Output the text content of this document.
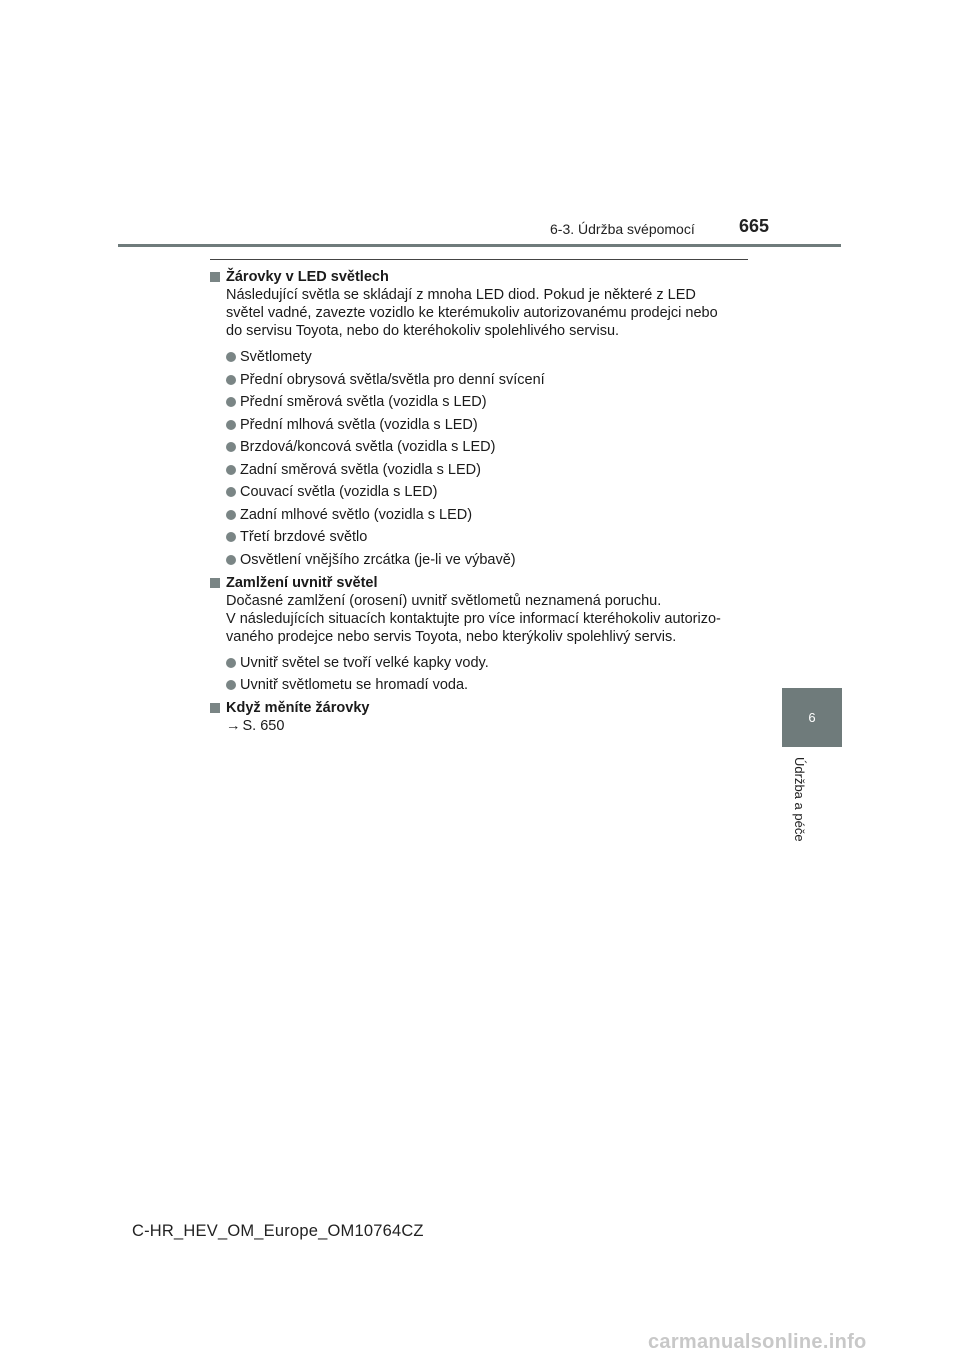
6-3. Údržba svépomocí 665
Žárovky v LED světlech
Následující světla se skládají z mnoha LED diod. Pokud je některé z LED
světel vadné, zavezte vozidlo ke kterémukoliv autorizovanému prodejci nebo
do servisu Toyota, nebo do kteréhokoliv spolehlivého servisu.
Světlomety
Přední obrysová světla/světla pro denní svícení
Přední směrová světla (vozidla s LED)
Přední mlhová světla (vozidla s LED)
Brzdová/koncová světla (vozidla s LED)
Zadní směrová světla (vozidla s LED)
Couvací světla (vozidla s LED)
Zadní mlhové světlo (vozidla s LED)
Třetí brzdové světlo
Osvětlení vnějšího zrcátka (je-li ve výbavě)
Zamlžení uvnitř světel
Dočasné zamlžení (orosení) uvnitř světlometů neznamená poruchu.
V následujících situacích kontaktujte pro více informací kteréhokoliv autorizo-
vaného prodejce nebo servis Toyota, nebo kterýkoliv spolehlivý servis.
Uvnitř světel se tvoří velké kapky vody.
Uvnitř světlometu se hromadí voda.
Když měníte žárovky
→ S. 650
6
Údržba a péče
C-HR_HEV_OM_Europe_OM10764CZ
carmanualsonline.info
